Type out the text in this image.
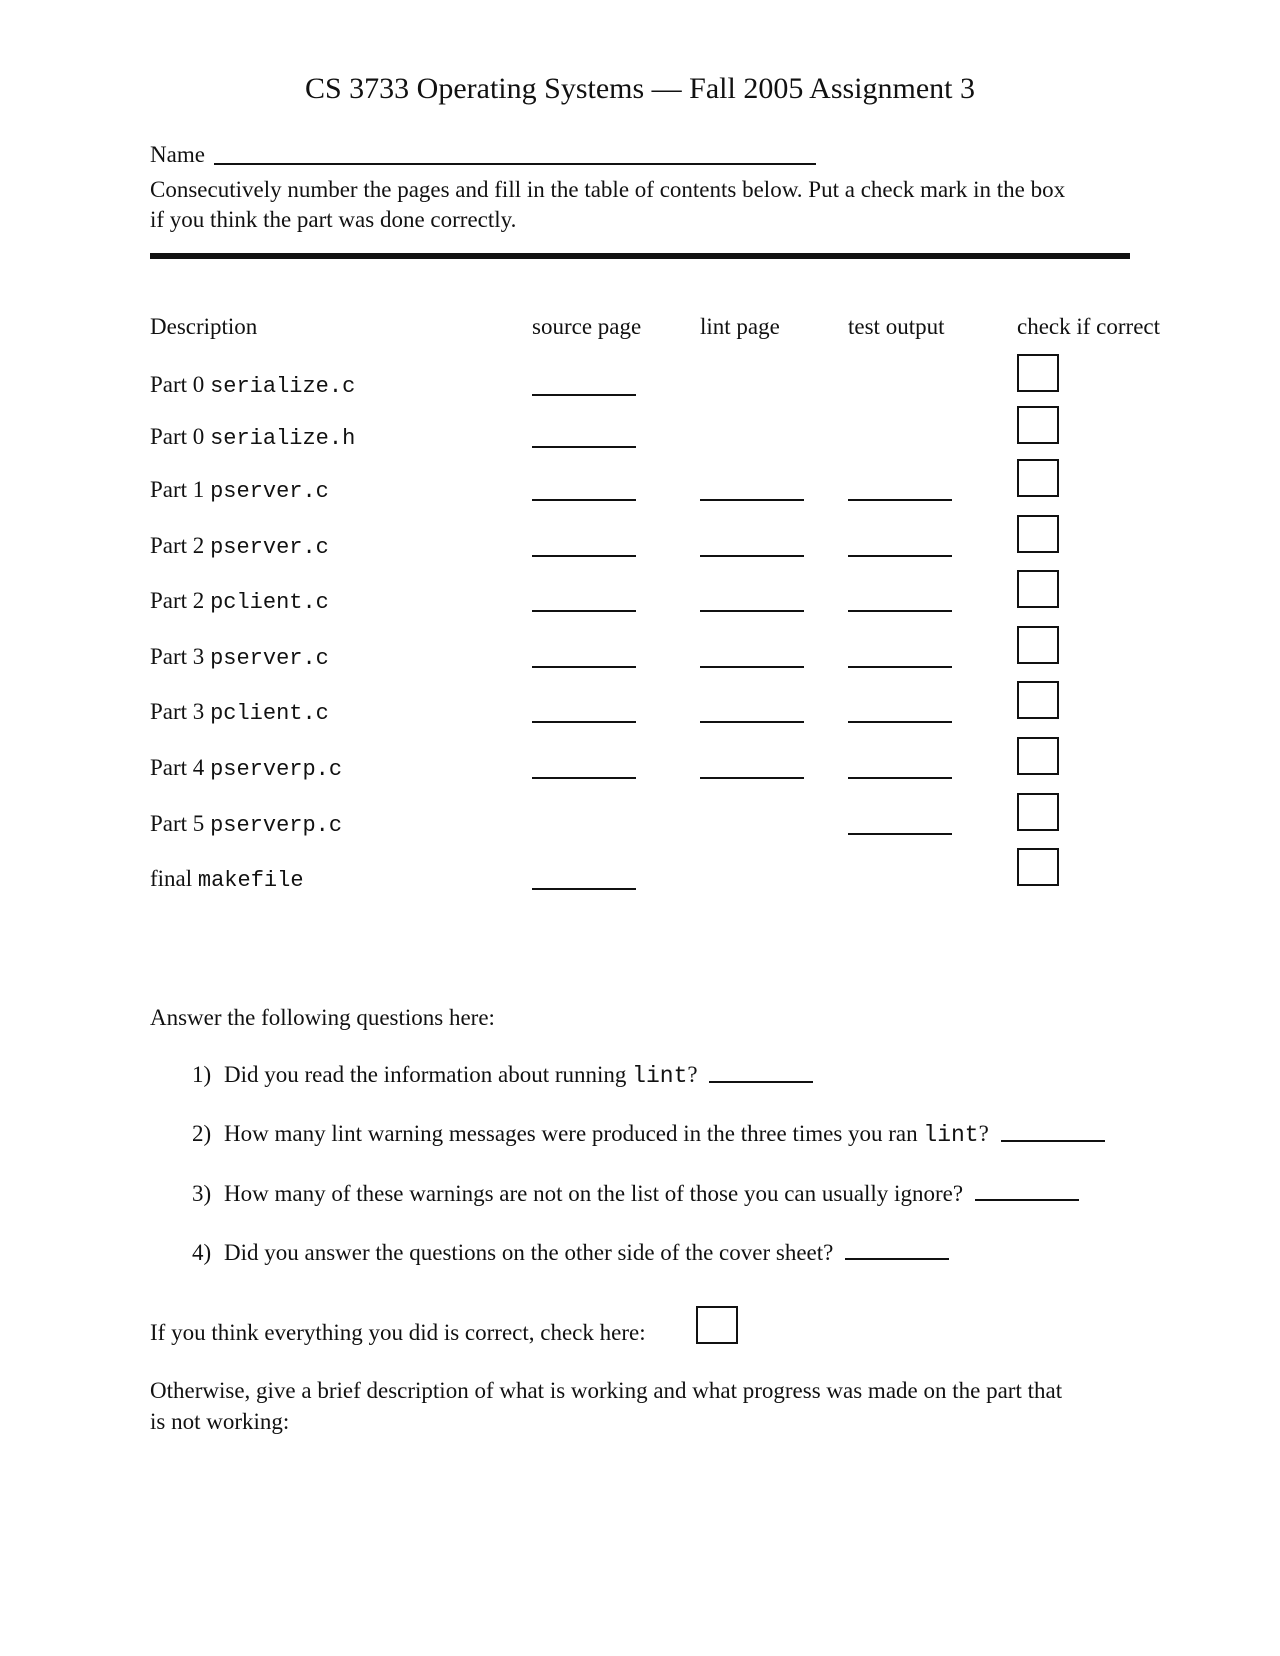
CS 3733 Operating Systems — Fall 2005 Assignment 3
Name
Consecutively number the pages and fill in the table of contents below. Put a check mark in the box
if you think the part was done correctly.
Description	source page	lint page	test output	check if correct
Part 0 serialize.c
Part 0 serialize.h
Part 1 pserver.c
Part 2 pserver.c
Part 2 pclient.c
Part 3 pserver.c
Part 3 pclient.c
Part 4 pserverp.c
Part 5 pserverp.c
final makefile
Answer the following questions here:
1) Did you read the information about running lint?
2) How many lint warning messages were produced in the three times you ran lint?
3) How many of these warnings are not on the list of those you can usually ignore?
4) Did you answer the questions on the other side of the cover sheet?
If you think everything you did is correct, check here:
Otherwise, give a brief description of what is working and what progress was made on the part that
is not working:
